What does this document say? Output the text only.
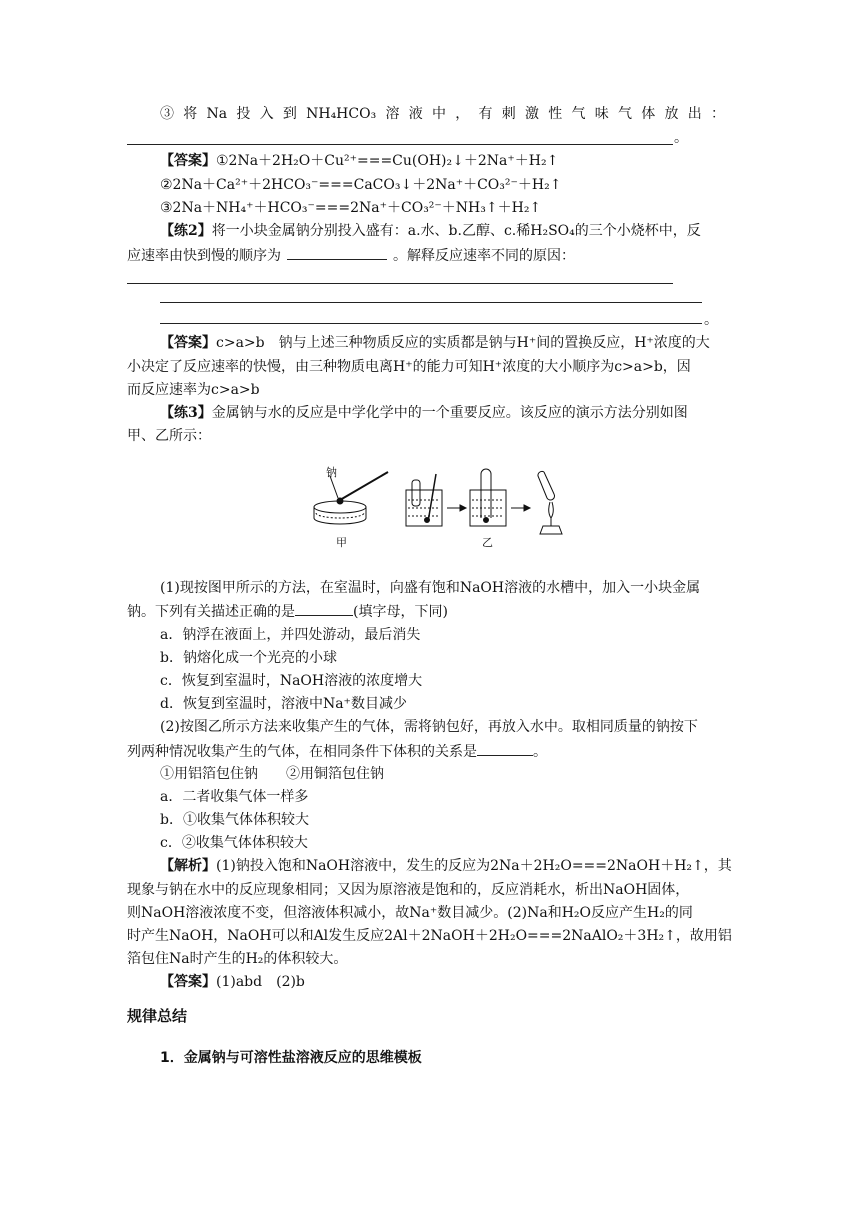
③将Na投入到NH₄HCO₃溶液中，有刺激性气味气体放出：
。
【答案】①2Na＋2H₂O＋Cu²⁺===Cu(OH)₂↓＋2Na⁺＋H₂↑
②2Na＋Ca²⁺＋2HCO₃⁻===CaCO₃↓＋2Na⁺＋CO₃²⁻＋H₂↑
③2Na＋NH₄⁺＋HCO₃⁻===2Na⁺＋CO₃²⁻＋NH₃↑＋H₂↑
【练2】将一小块金属钠分别投入盛有：a.水、b.乙醇、c.稀H₂SO₄的三个小烧杯中，反
应速率由快到慢的顺序为	。解释反应速率不同的原因：
。
【答案】c>a>b　钠与上述三种物质反应的实质都是钠与H⁺间的置换反应，H⁺浓度的大
小决定了反应速率的快慢，由三种物质电离H⁺的能力可知H⁺浓度的大小顺序为c>a>b，因
而反应速率为c>a>b
【练3】金属钠与水的反应是中学化学中的一个重要反应。该反应的演示方法分别如图
甲、乙所示：
钠
甲	乙
(1)现按图甲所示的方法，在室温时，向盛有饱和NaOH溶液的水槽中，加入一小块金属
钠。下列有关描述正确的是	(填字母，下同)
a．钠浮在液面上，并四处游动，最后消失
b．钠熔化成一个光亮的小球
c．恢复到室温时，NaOH溶液的浓度增大
d．恢复到室温时，溶液中Na⁺数目减少
(2)按图乙所示方法来收集产生的气体，需将钠包好，再放入水中。取相同质量的钠按下
列两种情况收集产生的气体，在相同条件下体积的关系是	。
①用铝箔包住钠　　②用铜箔包住钠
a．二者收集气体一样多
b．①收集气体体积较大
c．②收集气体体积较大
【解析】(1)钠投入饱和NaOH溶液中，发生的反应为2Na＋2H₂O===2NaOH＋H₂↑，其
现象与钠在水中的反应现象相同；又因为原溶液是饱和的，反应消耗水，析出NaOH固体，
则NaOH溶液浓度不变，但溶液体积减小，故Na⁺数目减少。(2)Na和H₂O反应产生H₂的同
时产生NaOH，NaOH可以和Al发生反应2Al＋2NaOH＋2H₂O===2NaAlO₂＋3H₂↑，故用铝
箔包住Na时产生的H₂的体积较大。
【答案】(1)abd　(2)b
规律总结
1．金属钠与可溶性盐溶液反应的思维模板
